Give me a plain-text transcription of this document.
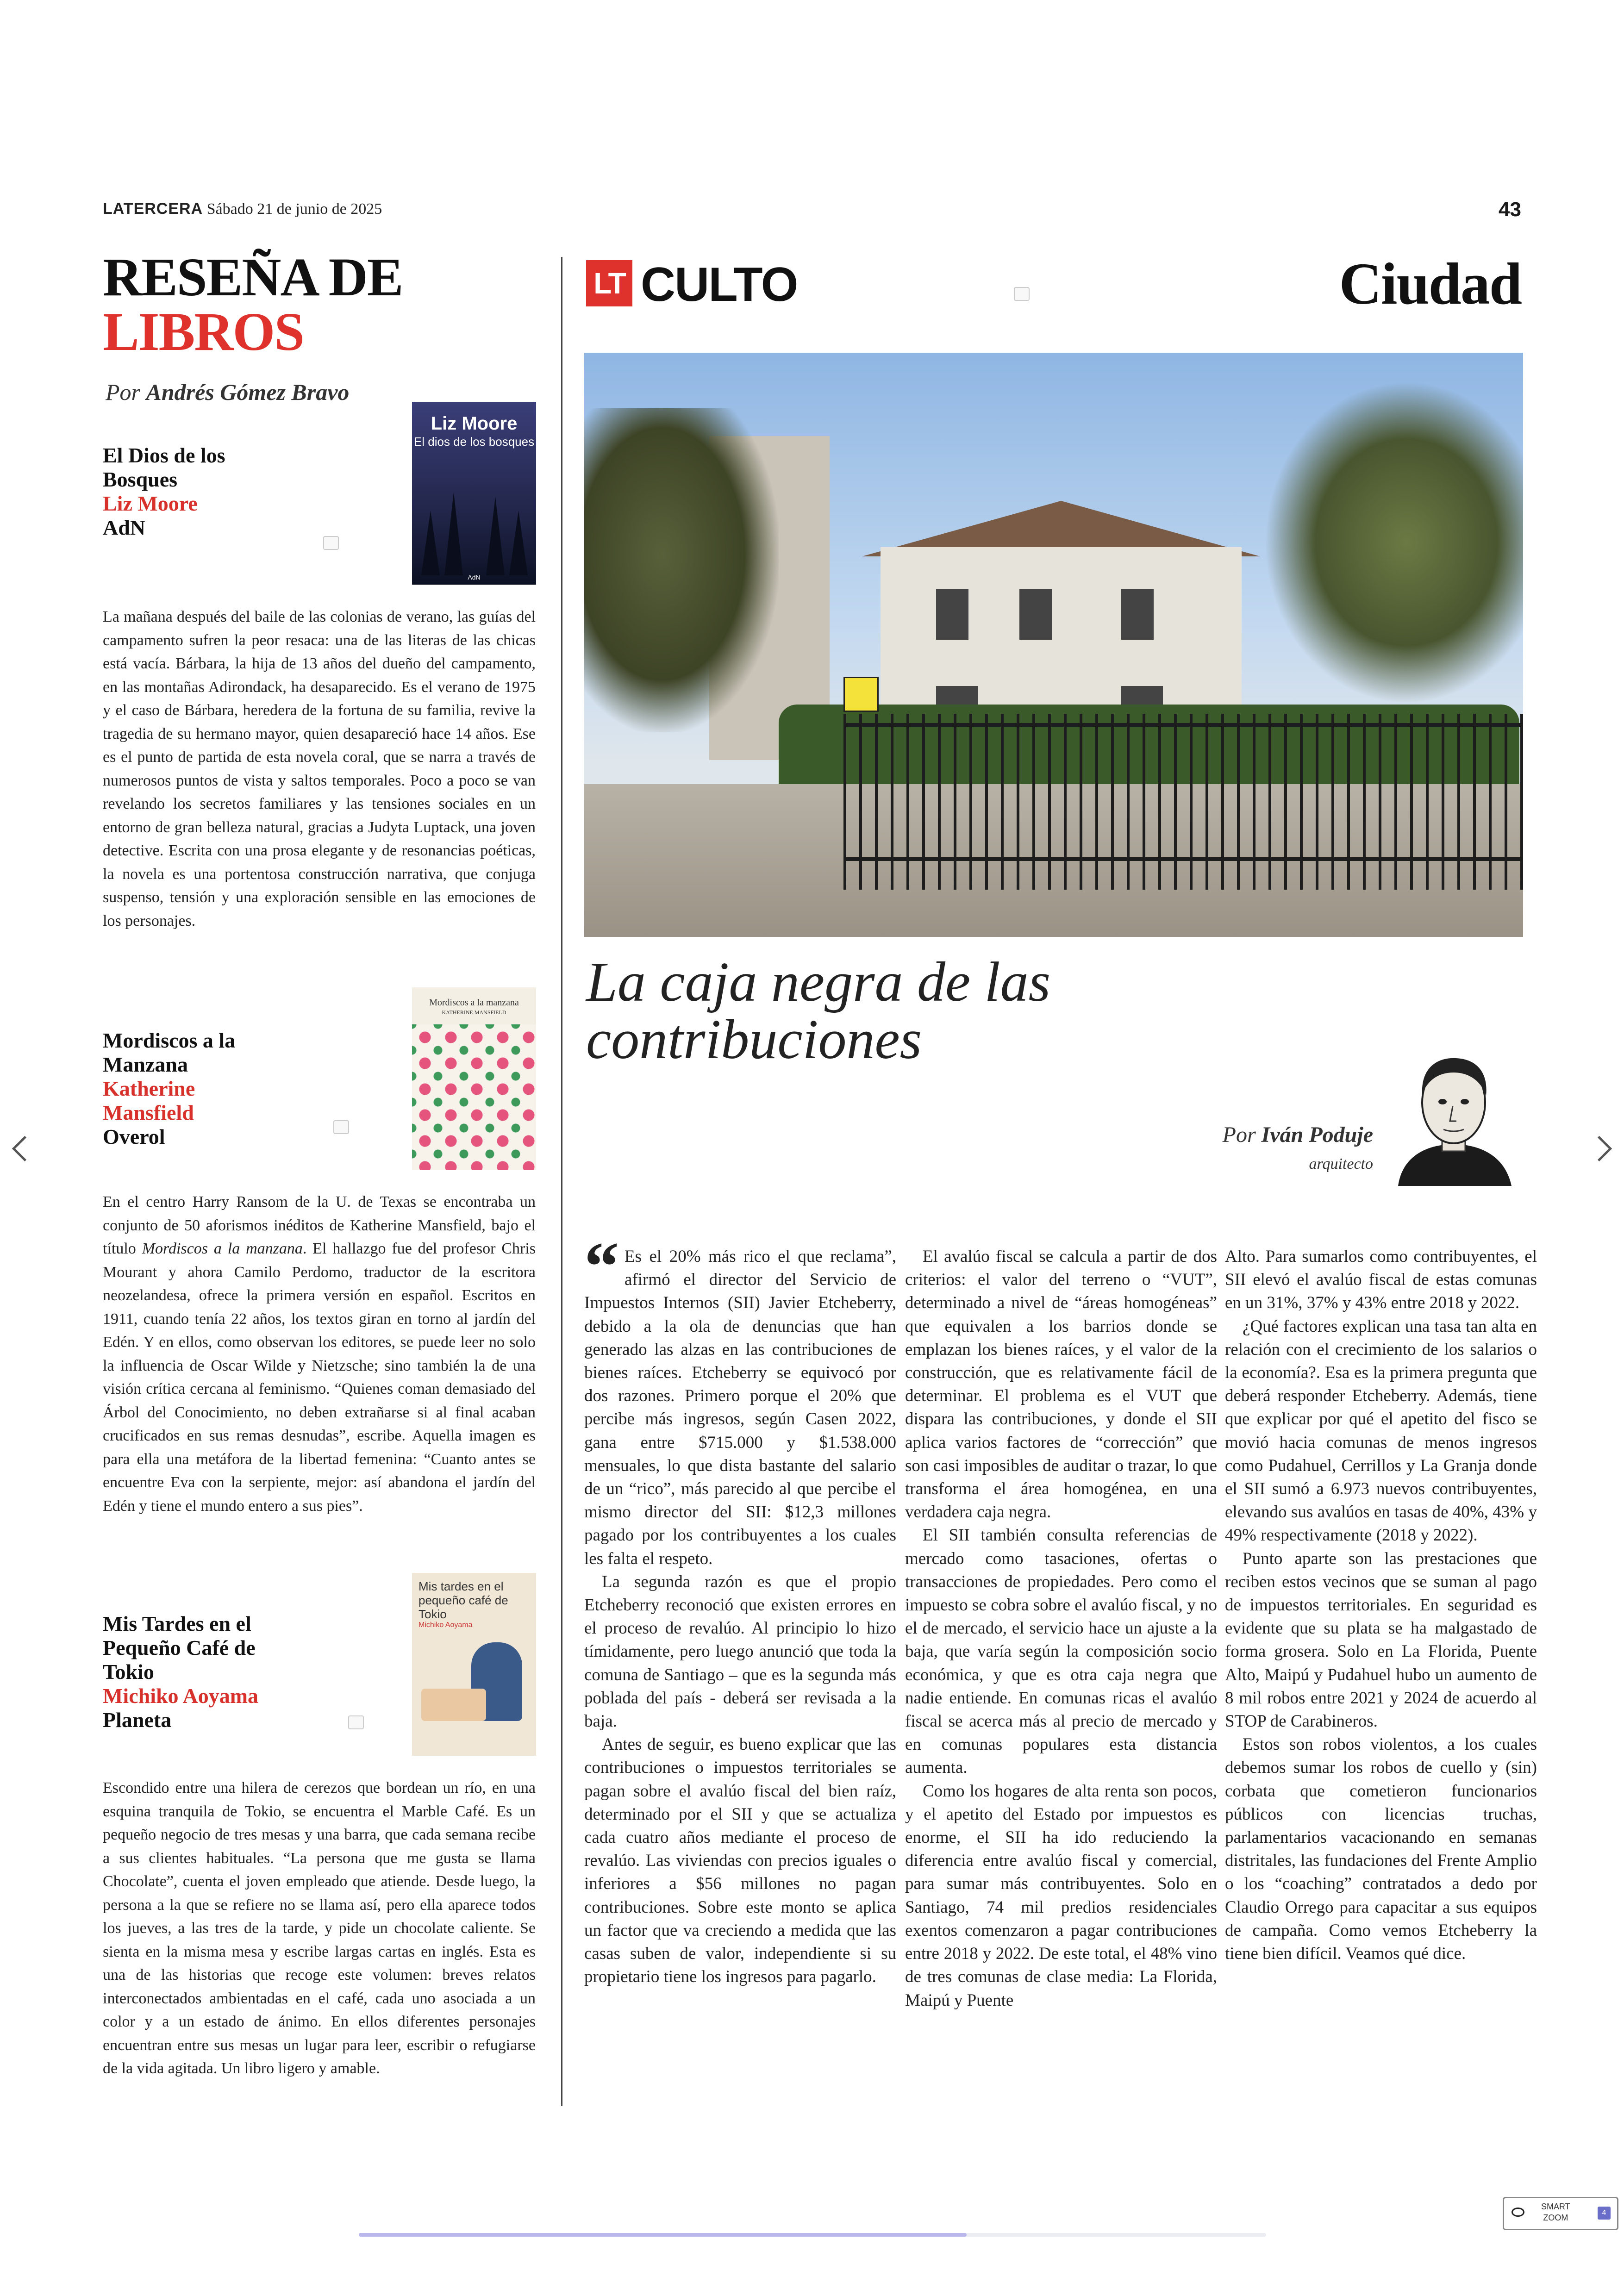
LATERCERA Sábado 21 de junio de 2025	43
RESEÑA DE
LIBROS
Por Andrés Gómez Bravo
El Dios de los
Bosques
Liz Moore
AdN
Liz Moore
El dios de los bosques
AdN

La mañana después del baile de las colonias de verano, las guías del campamento sufren la peor resaca: una de las literas de las chicas está vacía. Bárbara, la hija de 13 años del dueño del campamento, en las montañas Adirondack, ha desaparecido. Es el verano de 1975 y el caso de Bárbara, heredera de la fortuna de su familia, revive la tragedia de su hermano mayor, quien desapareció hace 14 años. Ese es el punto de partida de esta novela coral, que se narra a través de numerosos puntos de vista y saltos temporales. Poco a poco se van revelando los secretos familiares y las tensiones sociales en un entorno de gran belleza natural, gracias a Judyta Luptack, una joven detective. Escrita con una prosa elegante y de resonancias poéticas, la novela es una portentosa construcción narrativa, que conjuga suspenso, tensión y una exploración sensible en las emociones de los personajes.

Mordiscos a la
Manzana
Katherine
Mansfield
Overol
Mordiscos a la manzana
KATHERINE MANSFIELD

En el centro Harry Ransom de la U. de Texas se encontraba un conjunto de 50 aforismos inéditos de Katherine Mansfield, bajo el título Mordiscos a la manzana. El hallazgo fue del profesor Chris Mourant y ahora Camilo Perdomo, traductor de la escritora neozelandesa, ofrece la primera versión en español. Escritos en 1911, cuando tenía 22 años, los textos giran en torno al jardín del Edén. Y en ellos, como observan los editores, se puede leer no solo la influencia de Oscar Wilde y Nietzsche; sino también la de una visión crítica cercana al feminismo. “Quienes coman demasiado del Árbol del Conocimiento, no deben extrañarse si al final acaban crucificados en sus remas desnudas”, escribe. Aquella imagen es para ella una metáfora de la libertad femenina: “Cuanto antes se encuentre Eva con la serpiente, mejor: así abandona el jardín del Edén y tiene el mundo entero a sus pies”.

Mis Tardes en el
Pequeño Café de
Tokio
Michiko Aoyama
Planeta
Mis tardes en el pequeño café de Tokio
Michiko Aoyama

Escondido entre una hilera de cerezos que bordean un río, en una esquina tranquila de Tokio, se encuentra el Marble Café. Es un pequeño negocio de tres mesas y una barra, que cada semana recibe a sus clientes habituales. “La persona que me gusta se llama Chocolate”, cuenta el joven empleado que atiende. Desde luego, la persona a la que se refiere no se llama así, pero ella aparece todos los jueves, a las tres de la tarde, y pide un chocolate caliente. Se sienta en la misma mesa y escribe largas cartas en inglés. Esta es una de las historias que recoge este volumen: breves relatos interconectados ambientadas en el café, cada uno asociada a un color y a un estado de ánimo. En ellos diferentes personajes encuentran entre sus mesas un lugar para leer, escribir o refugiarse de la vida agitada. Un libro ligero y amable.

LT CULTO	Ciudad
La caja negra de las
contribuciones
Por Iván Poduje
arquitecto

“ Es el 20% más rico el que reclama”, afirmó el director del Servicio de Impuestos Internos (SII) Javier Etcheberry, debido a la ola de denuncias que han generado las alzas en las contribuciones de bienes raíces. Etcheberry se equivocó por dos razones. Primero porque el 20% que percibe más ingresos, según Casen 2022, gana entre $715.000 y $1.538.000 mensuales, lo que dista bastante del salario de un “rico”, más parecido al que percibe el mismo director del SII: $12,3 millones pagado por los contribuyentes a los cuales les falta el respeto.

La segunda razón es que el propio Etcheberry reconoció que existen errores en el proceso de revalúo. Al principio lo hizo tímidamente, pero luego anunció que toda la comuna de Santiago – que es la segunda más poblada del país - deberá ser revisada a la baja.

Antes de seguir, es bueno explicar que las contribuciones o impuestos territoriales se pagan sobre el avalúo fiscal del bien raíz, determinado por el SII y que se actualiza cada cuatro años mediante el proceso de revalúo. Las viviendas con precios iguales o inferiores a $56 millones no pagan contribuciones. Sobre este monto se aplica un factor que va creciendo a medida que las casas suben de valor, independiente si su propietario tiene los ingresos para pagarlo.

El avalúo fiscal se calcula a partir de dos criterios: el valor del terreno o “VUT”, determinado a nivel de “áreas homogéneas” que equivalen a los barrios donde se emplazan los bienes raíces, y el valor de la construcción, que es relativamente fácil de determinar. El problema es el VUT que dispara las contribuciones, y donde el SII aplica varios factores de “corrección” que son casi imposibles de auditar o trazar, lo que transforma el área homogénea, en una verdadera caja negra.

El SII también consulta referencias de mercado como tasaciones, ofertas o transacciones de propiedades. Pero como el impuesto se cobra sobre el avalúo fiscal, y no el de mercado, el servicio hace un ajuste a la baja, que varía según la composición socio económica, y que es otra caja negra que nadie entiende. En comunas ricas el avalúo fiscal se acerca más al precio de mercado y en comunas populares esta distancia aumenta.

Como los hogares de alta renta son pocos, y el apetito del Estado por impuestos es enorme, el SII ha ido reduciendo la diferencia entre avalúo fiscal y comercial, para sumar más contribuyentes. Solo en Santiago, 74 mil predios residenciales exentos comenzaron a pagar contribuciones entre 2018 y 2022. De este total, el 48% vino de tres comunas de clase media: La Florida, Maipú y Puente

Alto. Para sumarlos como contribuyentes, el SII elevó el avalúo fiscal de estas comunas en un 31%, 37% y 43% entre 2018 y 2022.

¿Qué factores explican una tasa tan alta en relación con el crecimiento de los salarios o la economía?. Esa es la primera pregunta que deberá responder Etcheberry. Además, tiene que explicar por qué el apetito del fisco se movió hacia comunas de menos ingresos como Pudahuel, Cerrillos y La Granja donde el SII sumó a 6.973 nuevos contribuyentes, elevando sus avalúos en tasas de 40%, 43% y 49% respectivamente (2018 y 2022).

Punto aparte son las prestaciones que reciben estos vecinos que se suman al pago de impuestos territoriales. En seguridad es evidente que su plata se ha malgastado de forma grosera. Solo en La Florida, Puente Alto, Maipú y Pudahuel hubo un aumento de 8 mil robos entre 2021 y 2024 de acuerdo al STOP de Carabineros.

Estos son robos violentos, a los cuales debemos sumar los robos de cuello y (sin) corbata que cometieron funcionarios públicos con licencias truchas, parlamentarios vacacionando en semanas distritales, las fundaciones del Frente Amplio o los “coaching” contratados a dedo por Claudio Orrego para capacitar a sus equipos de campaña. Como vemos Etcheberry la tiene bien difícil. Veamos qué dice.

SMART
ZOOM
4
